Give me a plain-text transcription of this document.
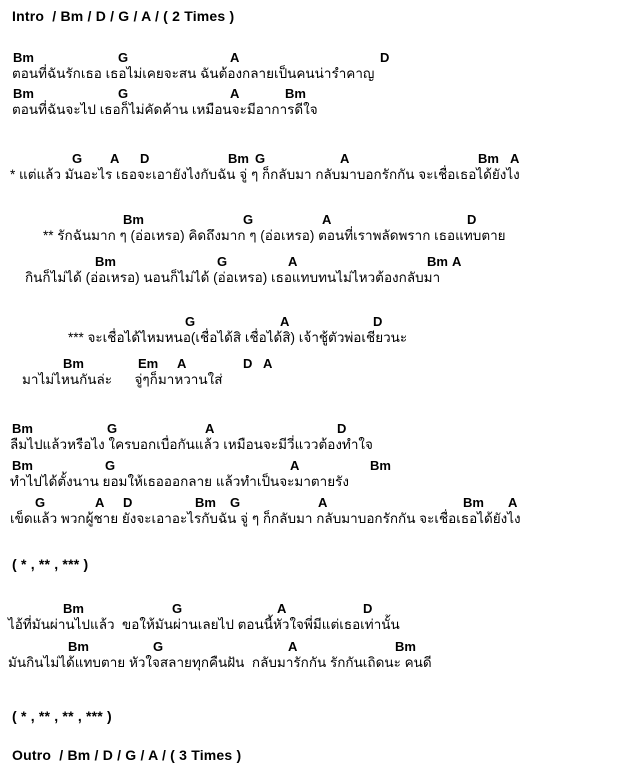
Intro  / Bm / D / G / A / ( 2 Times )
Bm	G	A	D
ตอนที่ฉันรักเธอ เธอไม่เคยจะสน ฉันต้องกลายเป็นคนน่ารำคาญ
Bm	G	A	Bm
ตอนที่ฉันจะไป เธอก็ไม่คัดค้าน เหมือนจะมีอาการดีใจ
G A D	Bm G	A	Bm A
* แต่แล้ว มันอะไร เธอจะเอายังไงกับฉัน จู่ ๆ ก็กลับมา กลับมาบอกรักกัน จะเชื่อเธอได้ยังไง
Bm	G	A	D
** รักฉันมาก ๆ (อ่อเหรอ) คิดถึงมาก ๆ (อ่อเหรอ) ตอนที่เราพลัดพราก เธอแทบตาย
Bm	G	A	Bm A
กินก็ไม่ได้ (อ่อเหรอ) นอนก็ไม่ได้ (อ่อเหรอ) เธอแทบทนไม่ไหวต้องกลับมา
G	A	D
*** จะเชื่อได้ไหมหนอ(เชื่อได้สิ เชื่อได้สิ) เจ้าชู้ตัวพ่อเชียวนะ
Bm	Em A	D A
มาไม่ไหนกันล่ะ      จู่ๆก็มาหวานใส่
Bm	G	A	D
ลืมไปแล้วหรือไง ใครบอกเบื่อกันแล้ว เหมือนจะมีวี่แววต้องทำใจ
Bm	G	A	Bm
ทำไปได้ตั้งนาน ยอมให้เธอออกลาย แล้วทำเป็นจะมาตายรัง
G	A D	Bm G	A	Bm A
เข็ดแล้ว พวกผู้ชาย ยังจะเอาอะไรกับฉัน จู่ ๆ ก็กลับมา กลับมาบอกรักกัน จะเชื่อเธอได้ยังไง
( * , ** , *** )
Bm	G	A	D
ไอ้ที่มันผ่านไปแล้ว  ขอให้มันผ่านเลยไป ตอนนี้หัวใจพี่มีแต่เธอเท่านั้น
Bm	G	A	Bm
มันกินไม่ได้แทบตาย หัวใจสลายทุกคืนฝัน  กลับมารักกัน รักกันเถิดนะ คนดี
( * , ** , ** , *** )
Outro  / Bm / D / G / A / ( 3 Times )
